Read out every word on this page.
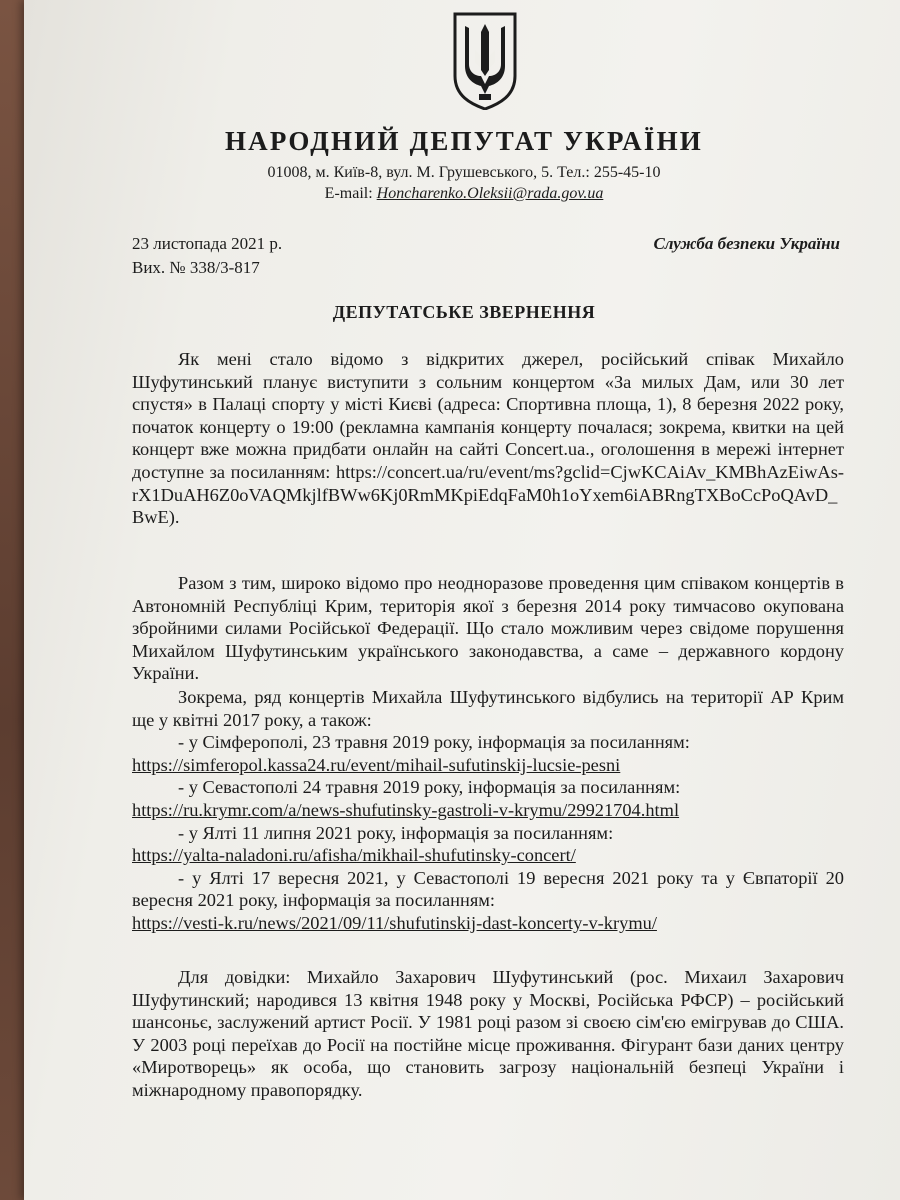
НАРОДНИЙ ДЕПУТАТ УКРАЇНИ
01008, м. Київ-8, вул. М. Грушевського, 5. Тел.: 255-45-10
E-mail: Honcharenko.Oleksii@rada.gov.ua
23 листопада 2021 р.
Вих. № 338/3-817
Служба безпеки України
ДЕПУТАТСЬКЕ ЗВЕРНЕННЯ
Як мені стало відомо з відкритих джерел, російський співак Михайло Шуфутинський планує виступити з сольним концертом «За милых Дам, или 30 лет спустя» в Палаці спорту у місті Києві (адреса: Спортивна площа, 1), 8 березня 2022 року, початок концерту о 19:00 (рекламна кампанія концерту почалася; зокрема, квитки на цей концерт вже можна придбати онлайн на сайті Concert.ua., оголошення в мережі інтернет доступне за посиланням: https://concert.ua/ru/event/ms?gclid=CjwKCAiAv_KMBhAzEiwAs-rX1DuAH6Z0oVAQMkjlfBWw6Kj0RmMKpiEdqFaM0h1oYxem6iABRngTXBoCcPoQAvD_BwE).
Разом з тим, широко відомо про неодноразове проведення цим співаком концертів в Автономній Республіці Крим, територія якої з березня 2014 року тимчасово окупована збройними силами Російської Федерації. Що стало можливим через свідоме порушення Михайлом Шуфутинським українського законодавства, а саме – державного кордону України.
Зокрема, ряд концертів Михайла Шуфутинського відбулись на території АР Крим ще у квітні 2017 року, а також:
- у Сімферополі, 23 травня 2019 року, інформація за посиланням:
https://simferopol.kassa24.ru/event/mihail-sufutinskij-lucsie-pesni
- у Севастополі 24 травня 2019 року, інформація за посиланням:
https://ru.krymr.com/a/news-shufutinsky-gastroli-v-krymu/29921704.html
- у Ялті 11 липня 2021 року, інформація за посиланням:
https://yalta-naladoni.ru/afisha/mikhail-shufutinsky-concert/
- у Ялті 17 вересня 2021, у Севастополі 19 вересня 2021 року та у Євпаторії 20 вересня 2021 року, інформація за посиланням:
https://vesti-k.ru/news/2021/09/11/shufutinskij-dast-koncerty-v-krymu/
Для довідки: Михайло Захарович Шуфутинський (рос. Михаил Захарович Шуфутинский; народився 13 квітня 1948 року у Москві, Російська РФСР) – російський шансоньє, заслужений артист Росії. У 1981 році разом зі своєю сім'єю емігрував до США. У 2003 році переїхав до Росії на постійне місце проживання. Фігурант бази даних центру «Миротворець» як особа, що становить загрозу національній безпеці України і міжнародному правопорядку.
